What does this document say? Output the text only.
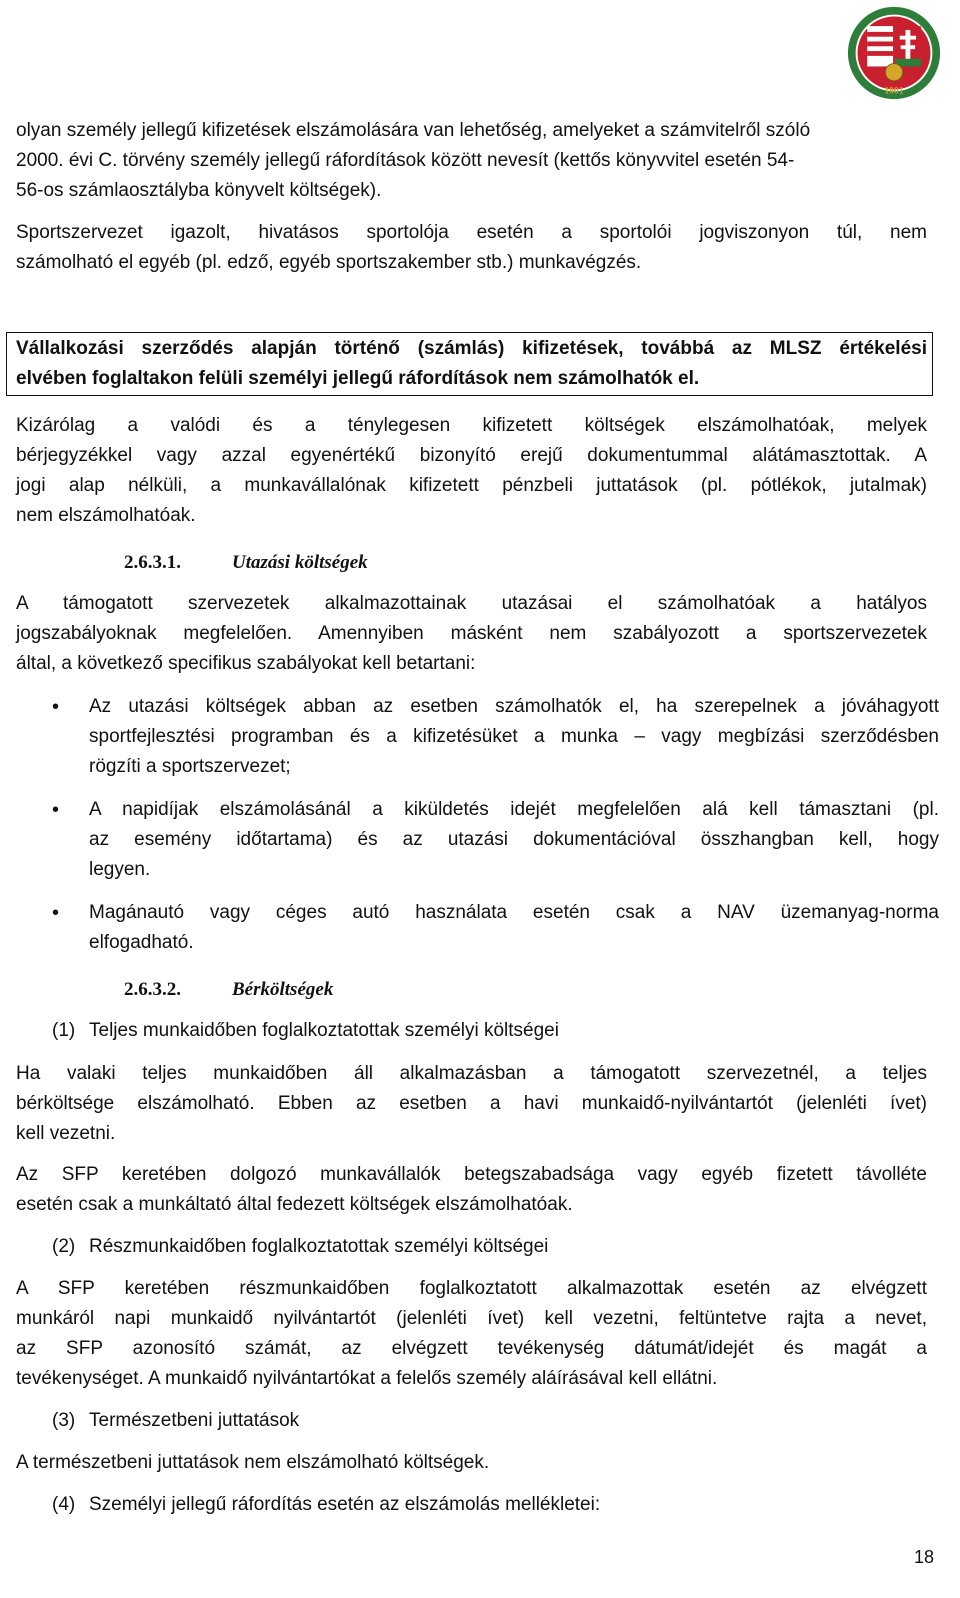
1901
olyan személy jellegű kifizetések elszámolására van lehetőség, amelyeket a számvitelről szóló
2000. évi C. törvény személy jellegű ráfordítások között nevesít (kettős könyvvitel esetén 54-
56-os számlaosztályba könyvelt költségek).
Sportszervezet igazolt, hivatásos sportolója esetén a sportolói jogviszonyon túl, nem
számolható el egyéb (pl. edző, egyéb sportszakember stb.) munkavégzés.
Vállalkozási szerződés alapján történő (számlás) kifizetések, továbbá az MLSZ értékelési
elvében foglaltakon felüli személyi jellegű ráfordítások nem számolhatók el.
Kizárólag a valódi és a ténylegesen kifizetett költségek elszámolhatóak, melyek
bérjegyzékkel vagy azzal egyenértékű bizonyító erejű dokumentummal alátámasztottak. A
jogi alap nélküli, a munkavállalónak kifizetett pénzbeli juttatások (pl. pótlékok, jutalmak)
nem elszámolhatóak.
2.6.3.1.	Utazási költségek
A támogatott szervezetek alkalmazottainak utazásai el számolhatóak a hatályos
jogszabályoknak megfelelően. Amennyiben másként nem szabályozott a sportszervezetek
által, a következő specifikus szabályokat kell betartani:
• Az utazási költségek abban az esetben számolhatók el, ha szerepelnek a jóváhagyott
sportfejlesztési programban és a kifizetésüket a munka – vagy megbízási szerződésben
rögzíti a sportszervezet;
• A napidíjak elszámolásánál a kiküldetés idejét megfelelően alá kell támasztani (pl.
az esemény időtartama) és az utazási dokumentációval összhangban kell, hogy
legyen.
• Magánautó vagy céges autó használata esetén csak a NAV üzemanyag-norma
elfogadható.
2.6.3.2.	Bérköltségek
(1) Teljes munkaidőben foglalkoztatottak személyi költségei
Ha valaki teljes munkaidőben áll alkalmazásban a támogatott szervezetnél, a teljes
bérköltsége elszámolható. Ebben az esetben a havi munkaidő-nyilvántartót (jelenléti ívet)
kell vezetni.
Az SFP keretében dolgozó munkavállalók betegszabadsága vagy egyéb fizetett távolléte
esetén csak a munkáltató által fedezett költségek elszámolhatóak.
(2) Részmunkaidőben foglalkoztatottak személyi költségei
A SFP keretében részmunkaidőben foglalkoztatott alkalmazottak esetén az elvégzett
munkáról napi munkaidő nyilvántartót (jelenléti ívet) kell vezetni, feltüntetve rajta a nevet,
az SFP azonosító számát, az elvégzett tevékenység dátumát/idejét és magát a
tevékenységet. A munkaidő nyilvántartókat a felelős személy aláírásával kell ellátni.
(3) Természetbeni juttatások
A természetbeni juttatások nem elszámolható költségek.
(4) Személyi jellegű ráfordítás esetén az elszámolás mellékletei:
18
